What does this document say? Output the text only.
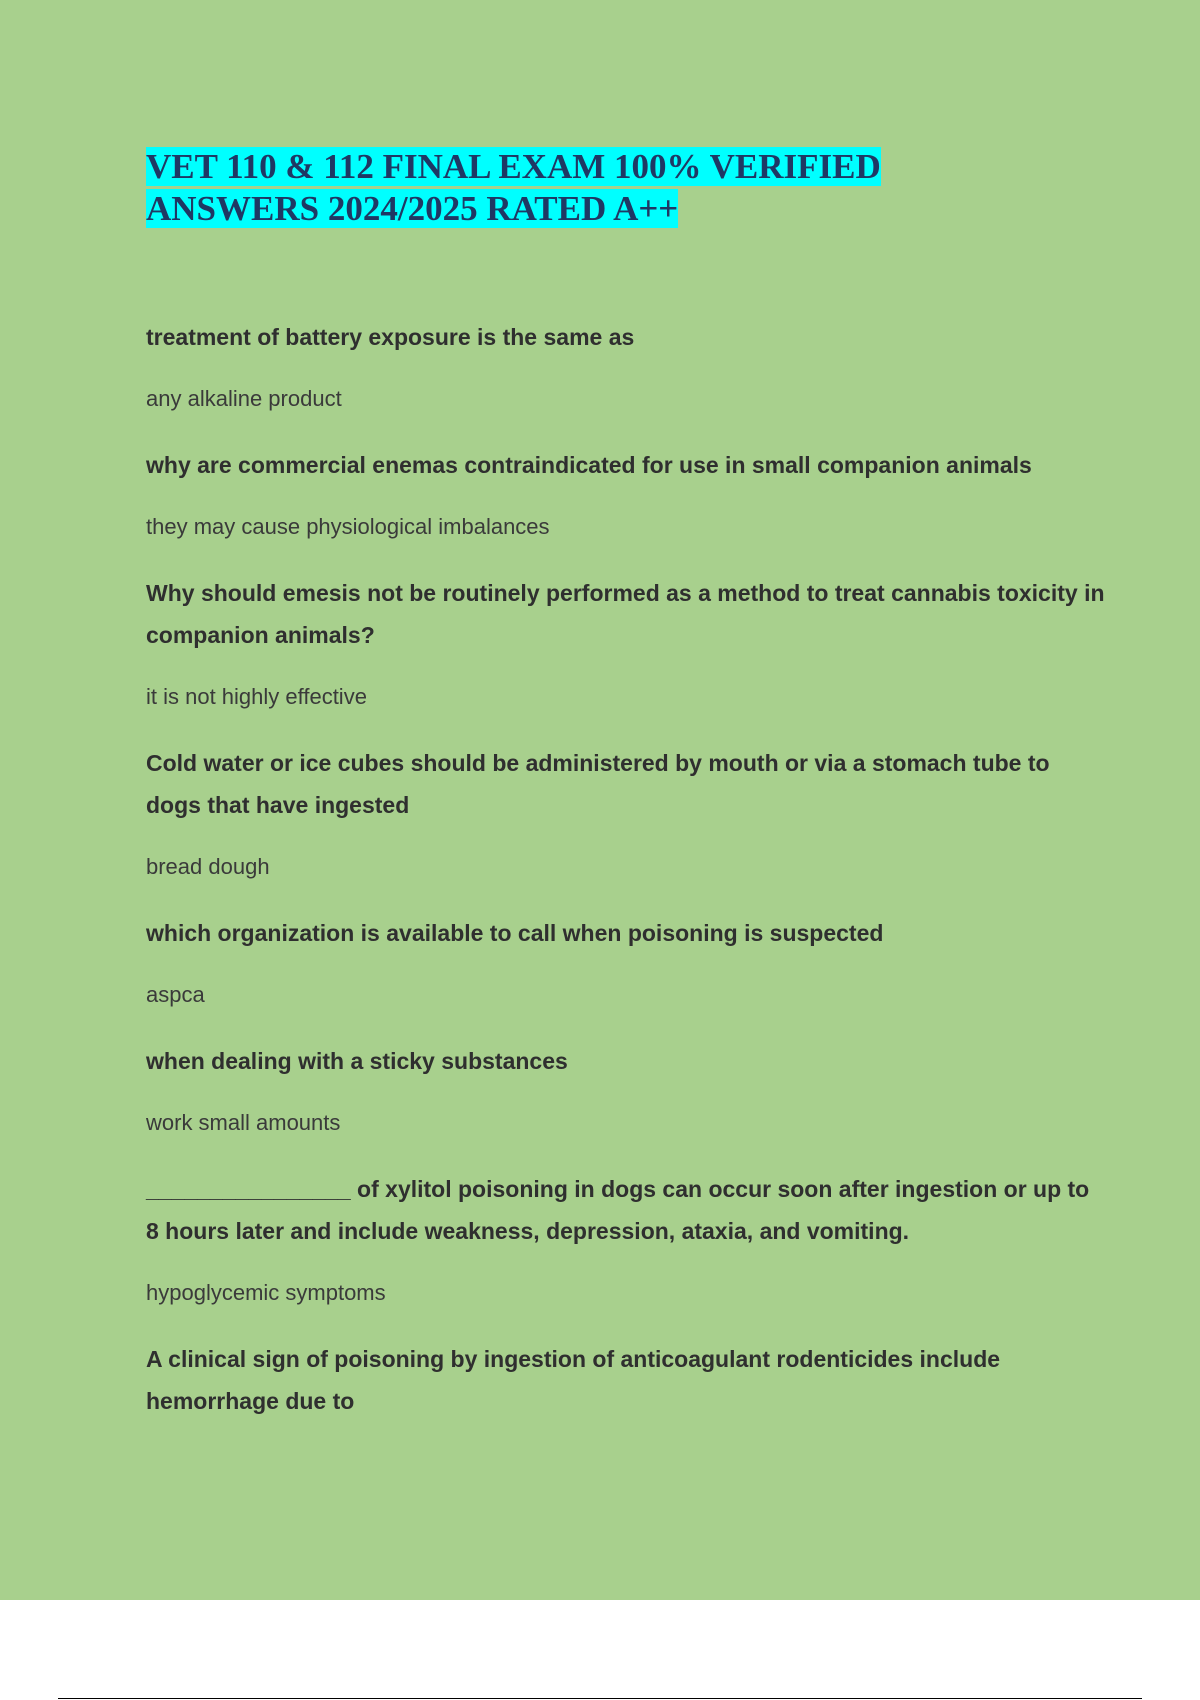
VET 110 & 112 FINAL EXAM 100% VERIFIED
ANSWERS 2024/2025 RATED A++

treatment of battery exposure is the same as

any alkaline product

why are commercial enemas contraindicated for use in small companion animals

they may cause physiological imbalances

Why should emesis not be routinely performed as a method to treat cannabis toxicity in companion animals?

it is not highly effective

Cold water or ice cubes should be administered by mouth or via a stomach tube to dogs that have ingested

bread dough

which organization is available to call when poisoning is suspected

aspca

when dealing with a sticky substances

work small amounts

________________ of xylitol poisoning in dogs can occur soon after ingestion or up to 8 hours later and include weakness, depression, ataxia, and vomiting.

hypoglycemic symptoms

A clinical sign of poisoning by ingestion of anticoagulant rodenticides include hemorrhage due to
